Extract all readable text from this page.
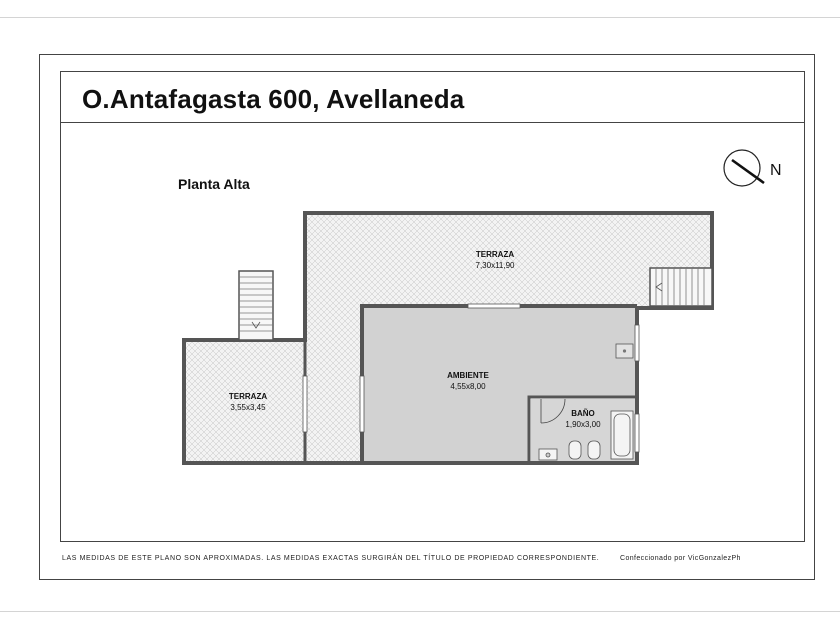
O.Antafagasta 600, Avellaneda
Planta Alta
N
TERRAZA
7,30x11,90
TERRAZA
3,55x3,45
AMBIENTE
4,55x8,00
BAÑO
1,90x3,00
LAS MEDIDAS DE ESTE PLANO SON APROXIMADAS. LAS MEDIDAS EXACTAS SURGIRÁN DEL TÍTULO DE PROPIEDAD CORRESPONDIENTE.	Confeccionado por VicGonzalezPh
